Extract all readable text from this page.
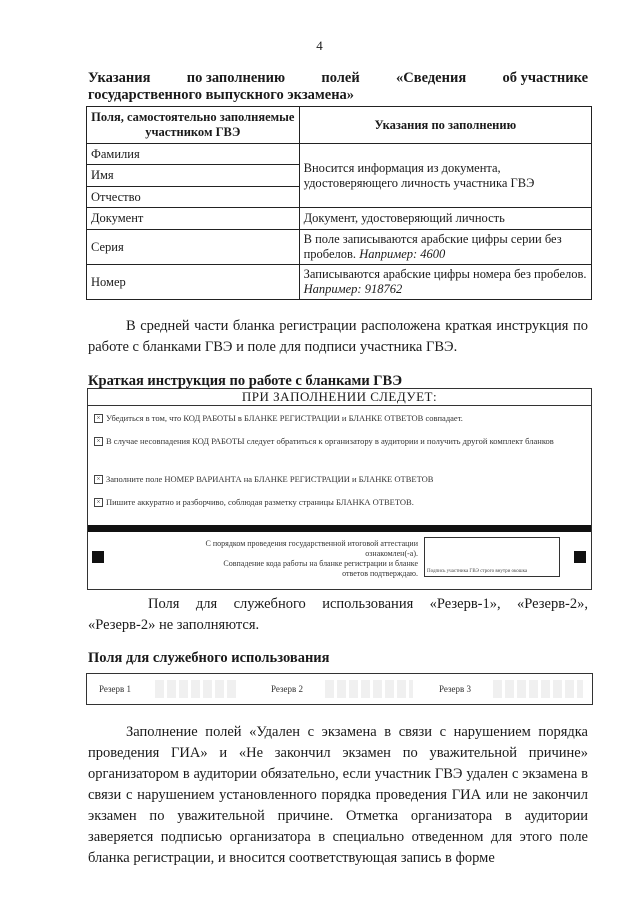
4
Указания	по заполнению	полей	«Сведения	об участнике
государственного выпускного экзамена»
Поля, самостоятельно заполняемые участником ГВЭ	Указания по заполнению
Фамилия	Вносится информация из документа, удостоверяющего личность участника ГВЭ
Имя	
Отчество	
Документ	Документ, удостоверяющий личность
Серия	В поле записываются арабские цифры серии без пробелов. Например: 4600
Номер	Записываются арабские цифры номера без пробелов. Например: 918762
В средней части бланка регистрации расположена краткая инструкция по работе с бланками ГВЭ и поле для подписи участника ГВЭ.
Краткая инструкция по работе с бланками ГВЭ
ПРИ ЗАПОЛНЕНИИ СЛЕДУЕТ:
× Убедиться в том, что КОД РАБОТЫ в БЛАНКЕ РЕГИСТРАЦИИ и БЛАНКЕ ОТВЕТОВ совпадает.
× В случае несовпадения КОД РАБОТЫ следует обратиться к организатору в аудитории и получить другой комплект бланков
× Заполните поле НОМЕР ВАРИАНТА на БЛАНКЕ РЕГИСТРАЦИИ и БЛАНКЕ ОТВЕТОВ
× Пишите аккуратно и разборчиво, соблюдая разметку страницы БЛАНКА ОТВЕТОВ.
С порядком проведения государственной итоговой аттестации ознакомлен(-а).
Совпадение кода работы на бланке регистрации и бланке ответов подтверждаю. Подпись участника ГВЭ строго внутри окошка
Поля для служебного использования «Резерв-1», «Резерв-2», «Резерв-2» не заполняются.
Поля для служебного использования
Резерв 1	Резерв 2	Резерв 3
Заполнение полей «Удален с экзамена в связи с нарушением порядка проведения ГИА» и «Не закончил экзамен по уважительной причине» организатором в аудитории обязательно, если участник ГВЭ удален с экзамена в связи с нарушением установленного порядка проведения ГИА или не закончил экзамен по уважительной причине. Отметка организатора в аудитории заверяется подписью организатора в специально отведенном для этого поле бланка регистрации, и вносится соответствующая запись в форме
